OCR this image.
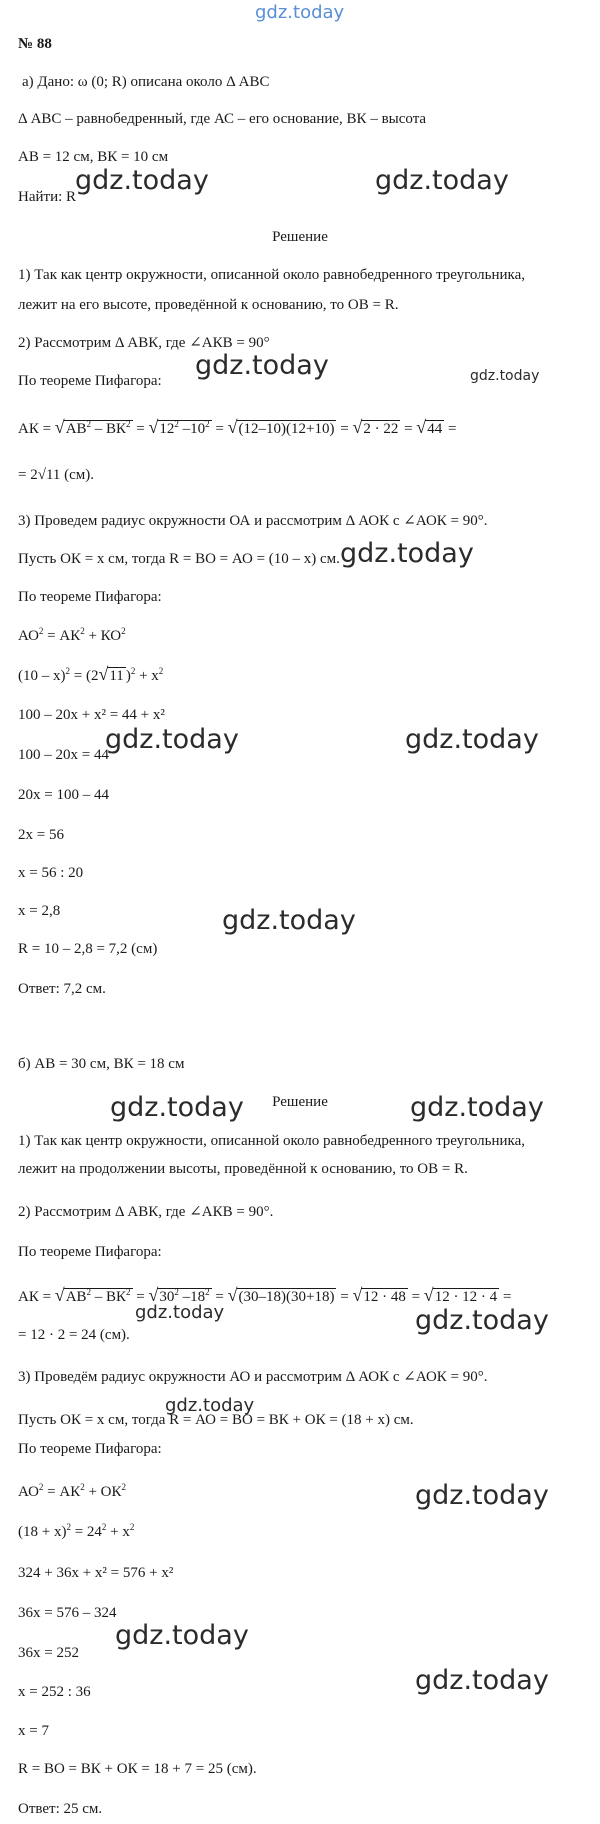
gdz.today
gdz.today	gdz.today
gdz.today	gdz.today
gdz.today
gdz.today	gdz.today
gdz.today
gdz.today	gdz.today
gdz.today	gdz.today
gdz.today
gdz.today
gdz.today
gdz.today
№ 88
а) Дано: ω (0; R) описана около Δ АВС
Δ АВС – равнобедренный, где АС – его основание, ВК – высота
АВ = 12 см, ВК = 10 см
Найти: R
Решение
1) Так как центр окружности, описанной около равнобедренного треугольника,
лежит на его высоте, проведённой к основанию, то ОВ = R.
2) Рассмотрим Δ АВК, где ∠АКВ = 90°
По теореме Пифагора:
АК = $√АВ^2 - ВК^2 = √12^2$ $-10^2 = √(12-10)(12+10) = √2 \cdot 22 = √44$ =
= 2√11 (см).
3) Проведем радиус окружности ОА и рассмотрим Δ АОК с ∠АОК = 90°.
Пусть ОК = х см, тогда R = ВО = АО = (10 – х) см.
По теореме Пифагора:
$АО^2 = АК^2 + КО^2$
(10 – х)$^2$ = (2√11 )$^2 + х^2$
100 – 20х + х² = 44 + х²
100 – 20х = 44
20х = 100 – 44
2х = 56
х = 56 : 20
х = 2,8
R = 10 – 2,8 = 7,2 (см)
Ответ: 7,2 см.
б) АВ = 30 см, ВК = 18 см
Решение
1) Так как центр окружности, описанной около равнобедренного треугольника,
лежит на продолжении высоты, проведённой к основанию, то ОВ = R.
2) Рассмотрим Δ АВК, где ∠АКВ = 90°.
По теореме Пифагора:
АК = $√АВ^2 - ВК^2 = √30^2$ $-18^2 = √(30-18)(30+18) = √12 \cdot 48 = √12 \cdot 12 \cdot 4$ =
= 12 · 2 = 24 (см).
3) Проведём радиус окружности АО и рассмотрим Δ АОК с ∠АОК = 90°.
Пусть ОК = х см, тогда R = АО = ВО = ВК + ОК = (18 + х) см.
По теореме Пифагора:
$АО^2 = АК^2 + ОК^2$
$(18 + х)^2 = 24^2 + х^2$
324 + 36х + х² = 576 + х²
36х = 576 – 324
36х = 252
х = 252 : 36
х = 7
R = ВО = ВК + ОК = 18 + 7 = 25 (см).
Ответ: 25 см.
